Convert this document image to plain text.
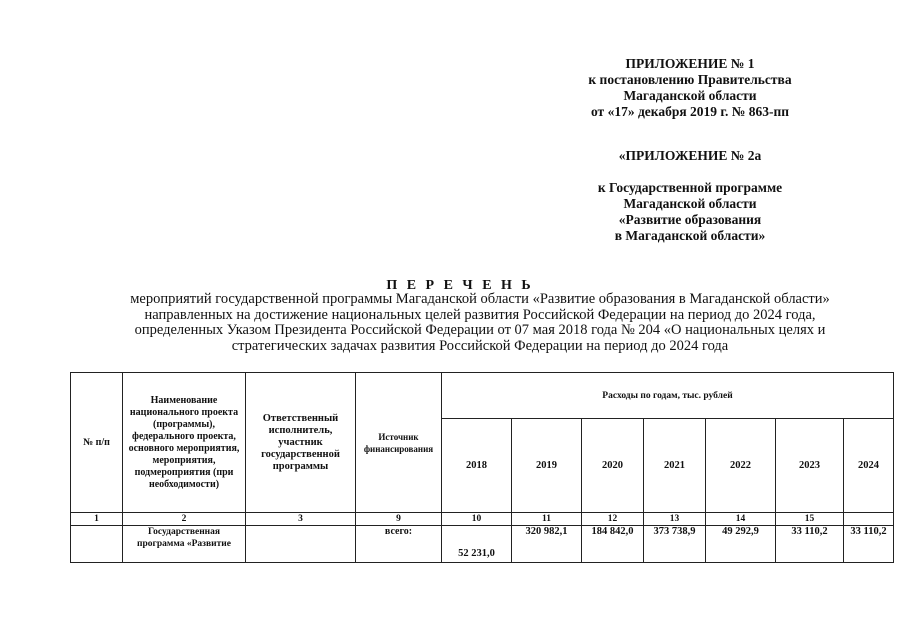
ПРИЛОЖЕНИЕ № 1
к постановлению Правительства
Магаданской области
от «17» декабря 2019 г. № 863-пп
«ПРИЛОЖЕНИЕ № 2а
к Государственной программе
Магаданской области
«Развитие образования
в Магаданской области»
П Е Р Е Ч Е Н Ь
мероприятий государственной программы Магаданской области «Развитие образования в Магаданской области»
направленных на достижение национальных целей развития Российской Федерации на период до 2024 года,
определенных Указом Президента Российской Федерации от 07 мая 2018 года № 204 «О национальных целях и
стратегических задачах развития Российской Федерации на период до 2024 года
№ п/п	Наименование национального проекта (программы), федерального проекта, основного мероприятия, мероприятия, подмероприятия (при необходимости)	Ответственный исполнитель, участник государственной программы	Источник финансирования	Расходы по годам, тыс. рублей						
				2018	2019	2020	2021	2022	2023	2024
1	2	3	9	10	11	12	13	14	15	
	Государственная программа «Развитие		всего:	52 231,0	320 982,1	184 842,0	373 738,9	49 292,9	33 110,2	33 110,2
